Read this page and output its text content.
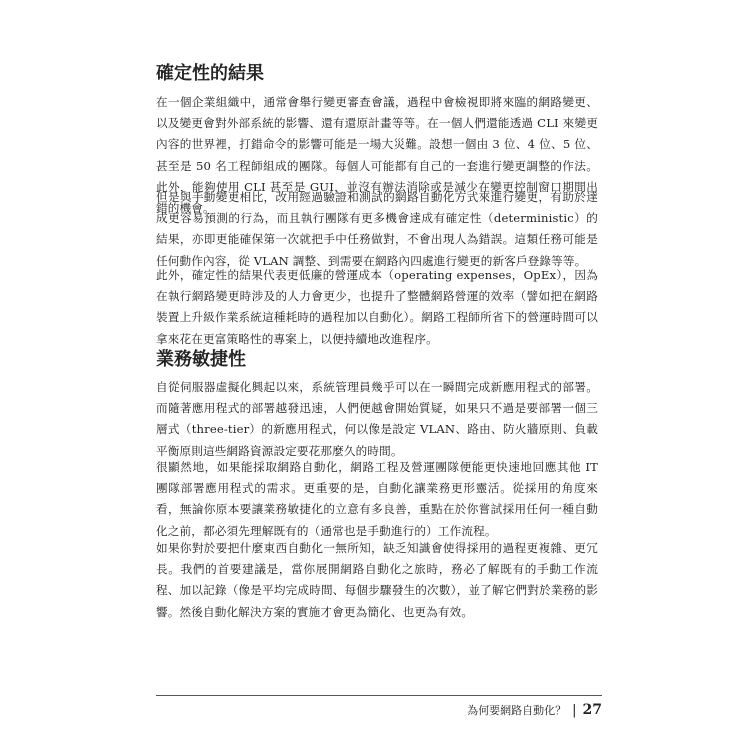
確定性的結果

在一個企業組織中，通常會舉行變更審查會議，過程中會檢視即將來臨的網路變更、以及變更會對外部系統的影響、還有還原計畫等等。在一個人們還能透過 CLI 來變更內容的世界裡，打錯命令的影響可能是一場大災難。設想一個由 3 位、4 位、5 位、甚至是 50 名工程師組成的團隊。每個人可能都有自己的一套進行變更調整的作法。此外，能夠使用 CLI 甚至是 GUI，並沒有辦法消除或是減少在變更控制窗口期間出錯的機會。

但是與手動變更相比，改用經過驗證和測試的網路自動化方式來進行變更，有助於達成更容易預測的行為，而且執行團隊有更多機會達成有確定性（deterministic）的結果，亦即更能確保第一次就把手中任務做對，不會出現人為錯誤。這類任務可能是任何動作內容，從 VLAN 調整、到需要在網路內四處進行變更的新客戶登錄等等。

此外，確定性的結果代表更低廉的營運成本（operating expenses，OpEx），因為在執行網路變更時涉及的人力會更少，也提升了整體網路營運的效率（譬如把在網路裝置上升級作業系統這種耗時的過程加以自動化）。網路工程師所省下的營運時間可以拿來花在更富策略性的專案上，以便持續地改進程序。

業務敏捷性

自從伺服器虛擬化興起以來，系統管理員幾乎可以在一瞬間完成新應用程式的部署。而隨著應用程式的部署越發迅速，人們便越會開始質疑，如果只不過是要部署一個三層式（three-tier）的新應用程式，何以像是設定 VLAN、路由、防火牆原則、負載平衡原則這些網路資源設定要花那麼久的時間。

很顯然地，如果能採取網路自動化，網路工程及營運團隊便能更快速地回應其他 IT 團隊部署應用程式的需求。更重要的是，自動化讓業務更形靈活。從採用的角度來看，無論你原本要讓業務敏捷化的立意有多良善，重點在於你嘗試採用任何一種自動化之前，都必須先理解既有的（通常也是手動進行的）工作流程。

如果你對於要把什麼東西自動化一無所知，缺乏知識會使得採用的過程更複雜、更冗長。我們的首要建議是，當你展開網路自動化之旅時，務必了解既有的手動工作流程、加以記錄（像是平均完成時間、每個步驟發生的次數），並了解它們對於業務的影響。然後自動化解決方案的實施才會更為簡化、也更為有效。

為何要網路自動化？ | 27
